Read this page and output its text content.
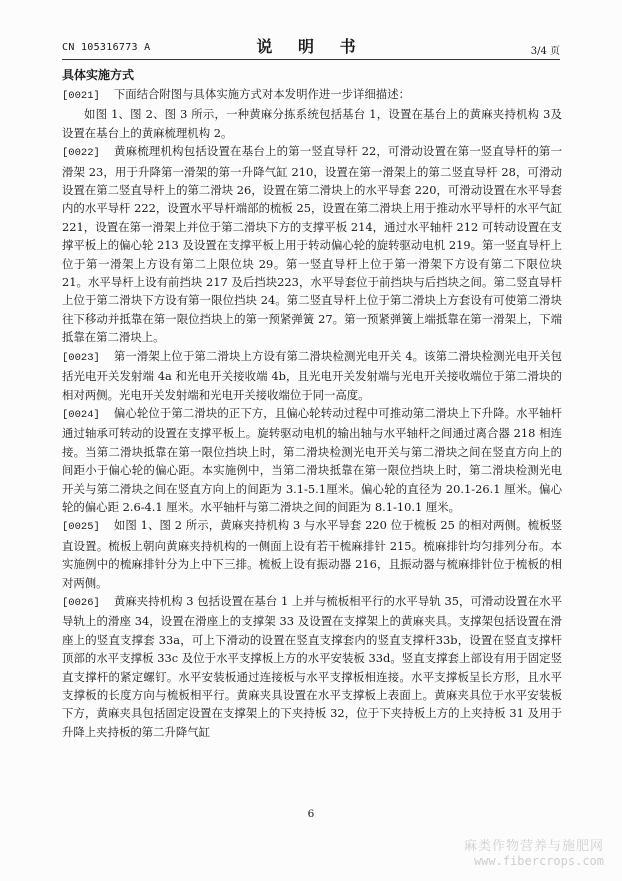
CN 105316773 A	说 明 书	3/4 页

具体实施方式

[0021] 下面结合附图与具体实施方式对本发明作进一步详细描述：

如图 1、图 2、图 3 所示，一种黄麻分拣系统包括基台 1，设置在基台上的黄麻夹持机构 3及设置在基台上的黄麻梳理机构 2。

[0022] 黄麻梳理机构包括设置在基台上的第一竖直导杆 22，可滑动设置在第一竖直导杆的第一滑架 23，用于升降第一滑架的第一升降气缸 210，设置在第一滑架上的第二竖直导杆 28，可滑动设置在第二竖直导杆上的第二滑块 26，设置在第二滑块上的水平导套 220，可滑动设置在水平导套内的水平导杆 222，设置水平导杆端部的梳板 25，设置在第二滑块上用于推动水平导杆的水平气缸 221，设置在第一滑架上并位于第二滑块下方的支撑平板 214，通过水平轴杆 212 可转动设置在支撑平板上的偏心轮 213 及设置在支撑平板上用于转动偏心轮的旋转驱动电机 219。第一竖直导杆上位于第一滑架上方设有第二上限位块 29。第一竖直导杆上位于第一滑架下方设有第二下限位块 21。水平导杆上设有前挡块 217 及后挡块223，水平导套位于前挡块与后挡块之间。第二竖直导杆上位于第二滑块下方设有第一限位挡块 24。第二竖直导杆上位于第二滑块上方套设有可使第二滑块往下移动并抵靠在第一限位挡块上的第一预紧弹簧 27。第一预紧弹簧上端抵靠在第一滑架上，下端抵靠在第二滑块上。

[0023] 第一滑架上位于第二滑块上方设有第二滑块检测光电开关 4。该第二滑块检测光电开关包括光电开关发射端 4a 和光电开关接收端 4b，且光电开关发射端与光电开关接收端位于第二滑块的相对两侧。光电开关发射端和光电开关接收端位于同一高度。

[0024] 偏心轮位于第二滑块的正下方，且偏心轮转动过程中可推动第二滑块上下升降。水平轴杆通过轴承可转动的设置在支撑平板上。旋转驱动电机的输出轴与水平轴杆之间通过离合器 218 相连接。当第二滑块抵靠在第一限位挡块上时，第二滑块检测光电开关与第二滑块之间在竖直方向上的间距小于偏心轮的偏心距。本实施例中，当第二滑块抵靠在第一限位挡块上时，第二滑块检测光电开关与第二滑块之间在竖直方向上的间距为 3.1-5.1厘米。偏心轮的直径为 20.1-26.1 厘米。偏心轮的偏心距 2.6-4.1 厘米。水平轴杆与第二滑块之间的间距为 8.1-10.1 厘米。

[0025] 如图 1、图 2 所示，黄麻夹持机构 3 与水平导套 220 位于梳板 25 的相对两侧。梳板竖直设置。梳板上朝向黄麻夹持机构的一侧面上设有若干梳麻排针 215。梳麻排针均匀排列分布。本实施例中的梳麻排针分为上中下三排。梳板上设有振动器 216，且振动器与梳麻排针位于梳板的相对两侧。

[0026] 黄麻夹持机构 3 包括设置在基台 1 上并与梳板相平行的水平导轨 35，可滑动设置在水平导轨上的滑座 34，设置在滑座上的支撑架 33 及设置在支撑架上的黄麻夹具。支撑架包括设置在滑座上的竖直支撑套 33a，可上下滑动的设置在竖直支撑套内的竖直支撑杆33b，设置在竖直支撑杆顶部的水平支撑板 33c 及位于水平支撑板上方的水平安装板 33d。竖直支撑套上部设有用于固定竖直支撑杆的紧定螺钉。水平安装板通过连接板与水平支撑板相连接。水平支撑板呈长方形，且水平支撑板的长度方向与梳板相平行。黄麻夹具设置在水平支撑板上表面上。黄麻夹具位于水平安装板下方，黄麻夹具包括固定设置在支撑架上的下夹持板 32，位于下夹持板上方的上夹持板 31 及用于升降上夹持板的第二升降气缸

6
麻类作物营养与施肥网
www.fibercrops.com
